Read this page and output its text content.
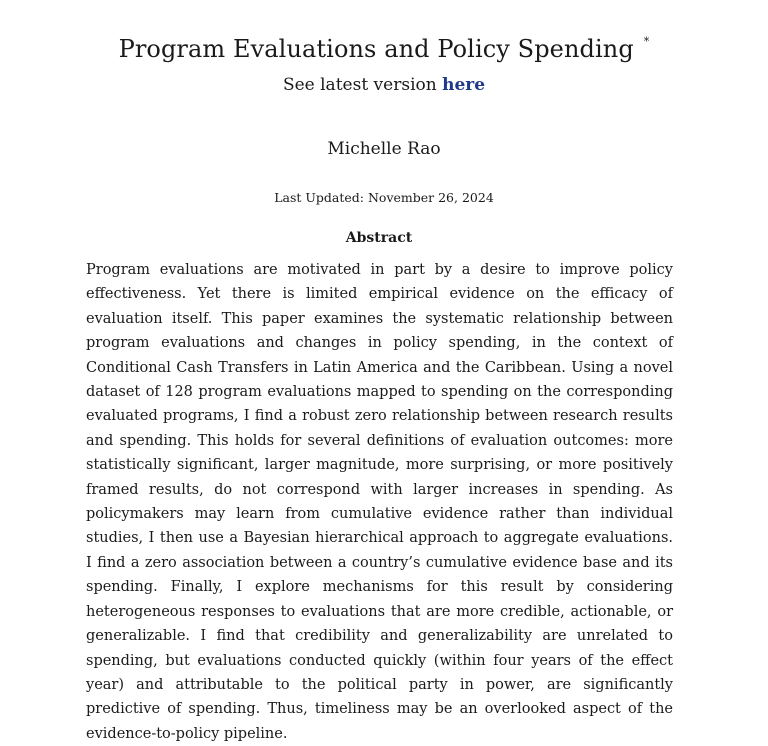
Program Evaluations and Policy Spending *
See latest version here
Michelle Rao
Last Updated: November 26, 2024
Abstract
Program evaluations are motivated in part by a desire to improve policy effectiveness. Yet there is limited empirical evidence on the efficacy of evaluation itself. This paper examines the systematic relationship between program evaluations and changes in policy spending, in the context of Conditional Cash Transfers in Latin America and the Caribbean. Using a novel dataset of 128 program evaluations mapped to spending on the corresponding evaluated programs, I find a robust zero relationship between research results and spending. This holds for several definitions of evaluation outcomes: more statistically significant, larger magnitude, more surprising, or more positively framed results, do not correspond with larger increases in spending. As policymakers may learn from cumulative evidence rather than individual studies, I then use a Bayesian hierarchical approach to aggregate evaluations. I find a zero association between a country’s cumulative evidence base and its spending. Finally, I explore mechanisms for this result by considering heterogeneous responses to evaluations that are more credible, actionable, or generalizable. I find that credibility and generalizability are unrelated to spending, but evaluations conducted quickly (within four years of the effect year) and attributable to the political party in power, are significantly predictive of spending. Thus, timeliness may be an overlooked aspect of the evidence-to-policy pipeline.
